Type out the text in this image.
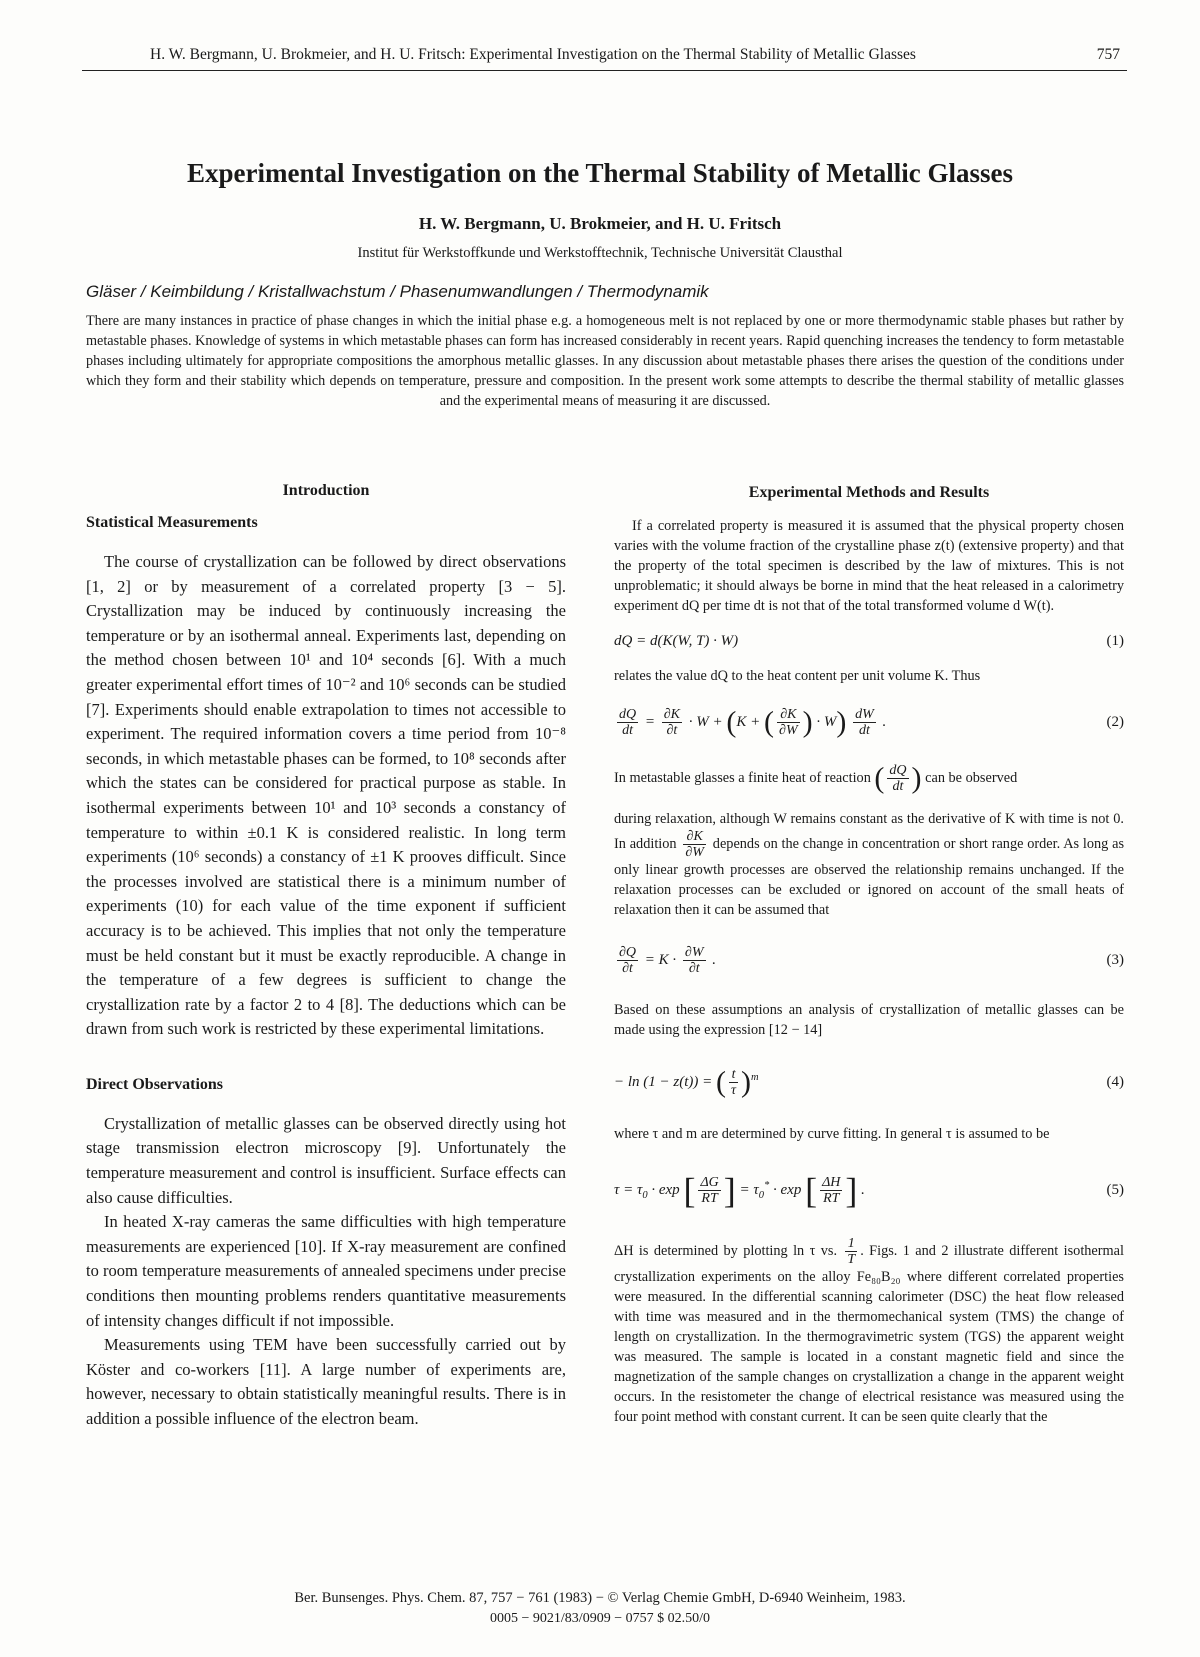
H. W. Bergmann, U. Brokmeier, and H. U. Fritsch: Experimental Investigation on the Thermal Stability of Metallic Glasses	757
Experimental Investigation on the Thermal Stability of Metallic Glasses
H. W. Bergmann, U. Brokmeier, and H. U. Fritsch
Institut für Werkstoffkunde und Werkstofftechnik, Technische Universität Clausthal
Gläser / Keimbildung / Kristallwachstum / Phasenumwandlungen / Thermodynamik
There are many instances in practice of phase changes in which the initial phase e.g. a homogeneous melt is not replaced by one or more thermodynamic stable phases but rather by metastable phases. Knowledge of systems in which metastable phases can form has increased considerably in recent years. Rapid quenching increases the tendency to form metastable phases including ultimately for appropriate compositions the amorphous metallic glasses. In any discussion about metastable phases there arises the question of the conditions under which they form and their stability which depends on temperature, pressure and composition. In the present work some attempts to describe the thermal stability of metallic glasses and the experimental means of measuring it are discussed.
Introduction
Statistical Measurements

The course of crystallization can be followed by direct observations [1, 2] or by measurement of a correlated property [3 − 5]. Crystallization may be induced by continuously increasing the temperature or by an isothermal anneal. Experiments last, depending on the method chosen between 10¹ and 10⁴ seconds [6]. With a much greater experimental effort times of 10⁻² and 10⁶ seconds can be studied [7]. Experiments should enable extrapolation to times not accessible to experiment. The required information covers a time period from 10⁻⁸ seconds, in which metastable phases can be formed, to 10⁸ seconds after which the states can be considered for practical purpose as stable. In isothermal experiments between 10¹ and 10³ seconds a constancy of temperature to within ±0.1 K is considered realistic. In long term experiments (10⁶ seconds) a constancy of ±1 K prooves difficult. Since the processes involved are statistical there is a minimum number of experiments (10) for each value of the time exponent if sufficient accuracy is to be achieved. This implies that not only the temperature must be held constant but it must be exactly reproducible. A change in the temperature of a few degrees is sufficient to change the crystallization rate by a factor 2 to 4 [8]. The deductions which can be drawn from such work is restricted by these experimental limitations.

Direct Observations

Crystallization of metallic glasses can be observed directly using hot stage transmission electron microscopy [9]. Unfortunately the temperature measurement and control is insufficient. Surface effects can also cause difficulties.

In heated X-ray cameras the same difficulties with high temperature measurements are experienced [10]. If X-ray measurement are confined to room temperature measurements of annealed specimens under precise conditions then mounting problems renders quantitative measurements of intensity changes difficult if not impossible.

Measurements using TEM have been successfully carried out by Köster and co-workers [11]. A large number of experiments are, however, necessary to obtain statistically meaningful results. There is in addition a possible influence of the electron beam.

Experimental Methods and Results

If a correlated property is measured it is assumed that the physical property chosen varies with the volume fraction of the crystalline phase z(t) (extensive property) and that the property of the total specimen is described by the law of mixtures. This is not unproblematic; it should always be borne in mind that the heat released in a calorimetry experiment dQ per time dt is not that of the total transformed volume d W(t).

dQ = d(K(W, T) · W)	(1)

relates the value dQ to the heat content per unit volume K. Thus

$\frac{dQ}{dt} = \frac{\partial K}{\partial t} \cdot W + (K$ + ( $\frac{\partial K}{\partial W}$ ) · $W) \frac{dW}{dt}$ .	(2)

In metastable glasses a finite heat of reaction ( $\frac{dQ}{dt}$ ) can be observed

during relaxation, although W remains constant as the derivative of K with time is not 0. In addition $\frac{\partial K}{\partial W}$ depends on the change in concentration or short range order. As long as only linear growth processes are observed the relationship remains unchanged. If the relaxation processes can be excluded or ignored on account of the small heats of relaxation then it can be assumed that

$\frac{\partial Q}{\partial t} = K \cdot \frac{\partial W}{\partial t}$ .	(3)

Based on these assumptions an analysis of crystallization of metallic glasses can be made using the expression [12 − 14]

− ln (1 − z(t)) = ( $\frac{t}{\tau} )^m$	(4)

where τ and m are determined by curve fitting. In general τ is assumed to be

$\tau = \tau_0 \cdot \exp$ [ $\frac{\Delta G}{RT}$ ] = $\tau_0^* \cdot \exp$ [ $\frac{\Delta H}{RT}$ ] .	(5)

ΔH is determined by plotting ln τ vs. $\frac{1}{T}$ . Figs. 1 and 2 illustrate different isothermal crystallization experiments on the alloy Fe₈₀B₂₀ where different correlated properties were measured. In the differential scanning calorimeter (DSC) the heat flow released with time was measured and in the thermomechanical system (TMS) the change of length on crystallization. In the thermogravimetric system (TGS) the apparent weight was measured. The sample is located in a constant magnetic field and since the magnetization of the sample changes on crystallization a change in the apparent weight occurs. In the resistometer the change of electrical resistance was measured using the four point method with constant current. It can be seen quite clearly that the

Ber. Bunsenges. Phys. Chem. 87, 757 − 761 (1983) − © Verlag Chemie GmbH, D-6940 Weinheim, 1983.
0005 − 9021/83/0909 − 0757 $ 02.50/0
